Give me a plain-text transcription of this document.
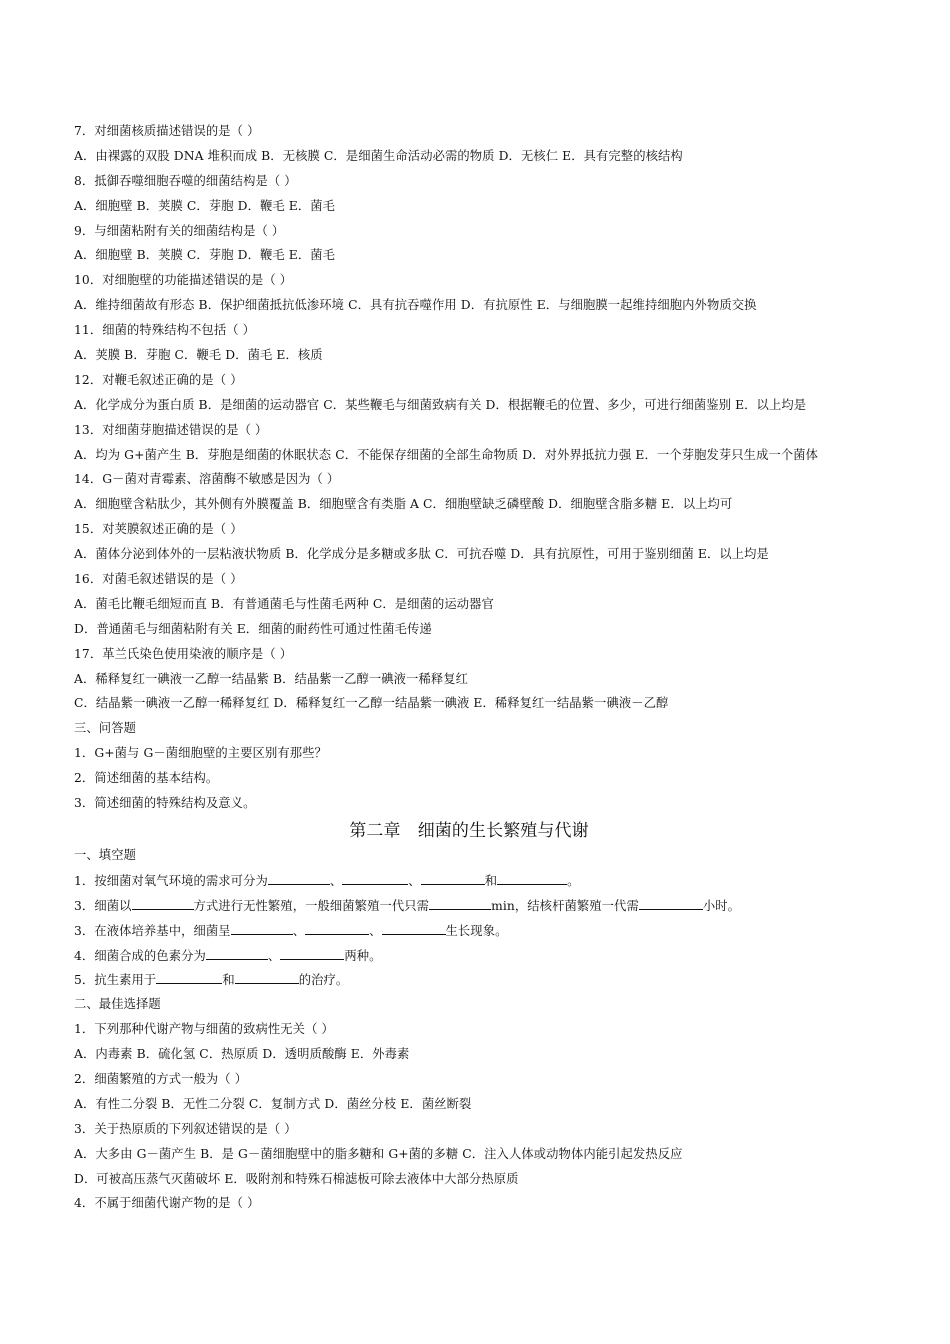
7．对细菌核质描述错误的是（ ）
A．由裸露的双股 DNA 堆积而成 B．无核膜 C．是细菌生命活动必需的物质 D．无核仁 E．具有完整的核结构
8．抵御吞噬细胞吞噬的细菌结构是（ ）
A．细胞壁 B．荚膜 C．芽胞 D．鞭毛 E．菌毛
9．与细菌粘附有关的细菌结构是（ ）
A．细胞壁 B．荚膜 C．芽胞 D．鞭毛 E．菌毛
10．对细胞壁的功能描述错误的是（ ）
A．维持细菌故有形态 B．保护细菌抵抗低渗环境 C．具有抗吞噬作用 D．有抗原性 E．与细胞膜一起维持细胞内外物质交换
11．细菌的特殊结构不包括（ ）
A．荚膜 B．芽胞 C．鞭毛 D．菌毛 E．核质
12．对鞭毛叙述正确的是（ ）
A．化学成分为蛋白质 B．是细菌的运动器官 C．某些鞭毛与细菌致病有关 D．根据鞭毛的位置、多少，可进行细菌鉴别 E．以上均是
13．对细菌芽胞描述错误的是（ ）
A．均为 G+菌产生 B．芽胞是细菌的休眠状态 C．不能保存细菌的全部生命物质 D．对外界抵抗力强 E．一个芽胞发芽只生成一个菌体
14．G－菌对青霉素、溶菌酶不敏感是因为（ ）
A．细胞壁含粘肽少，其外侧有外膜覆盖 B．细胞壁含有类脂 A C．细胞壁缺乏磷壁酸 D．细胞壁含脂多糖 E．以上均可
15．对荚膜叙述正确的是（ ）
A．菌体分泌到体外的一层粘液状物质 B．化学成分是多糖或多肽 C．可抗吞噬 D．具有抗原性，可用于鉴别细菌 E．以上均是
16．对菌毛叙述错误的是（ ）
A．菌毛比鞭毛细短而直 B．有普通菌毛与性菌毛两种 C．是细菌的运动器官
D．普通菌毛与细菌粘附有关 E．细菌的耐药性可通过性菌毛传递
17．革兰氏染色使用染液的顺序是（ ）
A．稀释复红一碘液一乙醇一结晶紫 B．结晶紫一乙醇一碘液一稀释复红
C．结晶紫一碘液一乙醇一稀释复红 D．稀释复红一乙醇一结晶紫一碘液 E．稀释复红一结晶紫一碘液－乙醇
三、问答题
1．G+菌与 G－菌细胞壁的主要区别有那些？
2．简述细菌的基本结构。
3．简述细菌的特殊结构及意义。
第二章　细菌的生长繁殖与代谢
一、填空题
1．按细菌对氧气环境的需求可分为	、	、	和	。
3．细菌以	方式进行无性繁殖，一般细菌繁殖一代只需	min，结核杆菌繁殖一代需	小时。
3．在液体培养基中，细菌呈	、	、	生长现象。
4．细菌合成的色素分为	、	两种。
5．抗生素用于	和	的治疗。
二、最佳选择题
1．下列那种代谢产物与细菌的致病性无关（ ）
A．内毒素 B．硫化氢 C．热原质 D．透明质酸酶 E．外毒素
2．细菌繁殖的方式一般为（ ）
A．有性二分裂 B．无性二分裂 C．复制方式 D．菌丝分枝 E．菌丝断裂
3．关于热原质的下列叙述错误的是（ ）
A．大多由 G－菌产生 B．是 G－菌细胞壁中的脂多糖和 G+菌的多糖 C．注入人体或动物体内能引起发热反应
D．可被高压蒸气灭菌破坏 E．吸附剂和特殊石棉滤板可除去液体中大部分热原质
4．不属于细菌代谢产物的是（ ）
